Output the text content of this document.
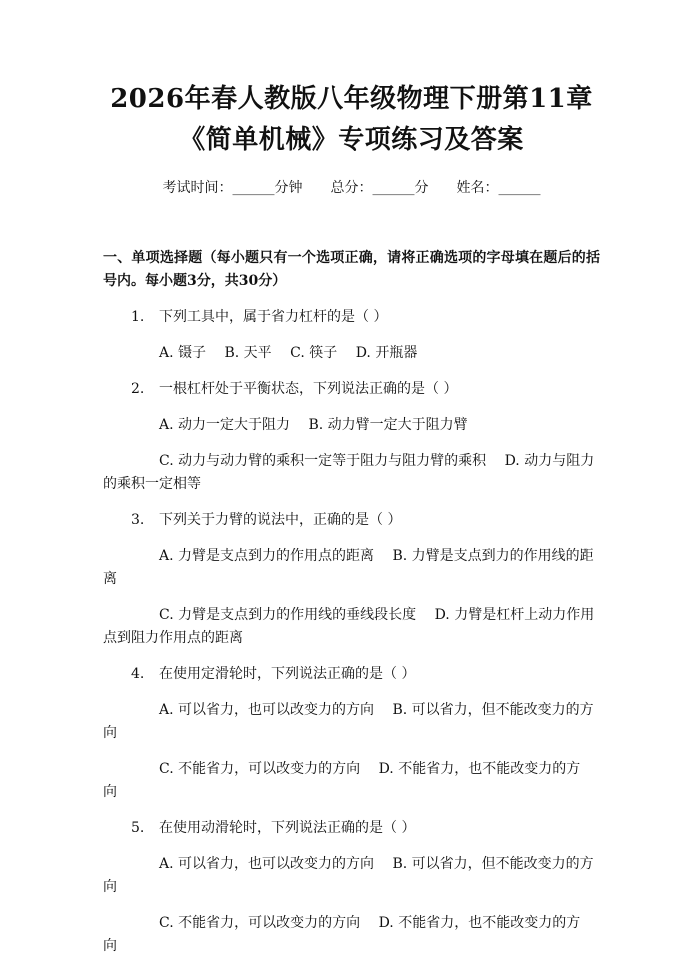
2026年春人教版八年级物理下册第11章
《简单机械》专项练习及答案
考试时间：______分钟 总分：______分 姓名：______
一、单项选择题（每小题只有一个选项正确，请将正确选项的字母填在题后的括号内。每小题3分，共30分）
1. 下列工具中，属于省力杠杆的是（ ）
A. 镊子 B. 天平 C. 筷子 D. 开瓶器
2. 一根杠杆处于平衡状态，下列说法正确的是（ ）
A. 动力一定大于阻力 B. 动力臂一定大于阻力臂
C. 动力与动力臂的乘积一定等于阻力与阻力臂的乘积 D. 动力与阻力的乘积一定相等
3. 下列关于力臂的说法中，正确的是（ ）
A. 力臂是支点到力的作用点的距离 B. 力臂是支点到力的作用线的距离
C. 力臂是支点到力的作用线的垂线段长度 D. 力臂是杠杆上动力作用点到阻力作用点的距离
4. 在使用定滑轮时，下列说法正确的是（ ）
A. 可以省力，也可以改变力的方向 B. 可以省力，但不能改变力的方向
C. 不能省力，可以改变力的方向 D. 不能省力，也不能改变力的方向
5. 在使用动滑轮时，下列说法正确的是（ ）
A. 可以省力，也可以改变力的方向 B. 可以省力，但不能改变力的方向
C. 不能省力，可以改变力的方向 D. 不能省力，也不能改变力的方向
